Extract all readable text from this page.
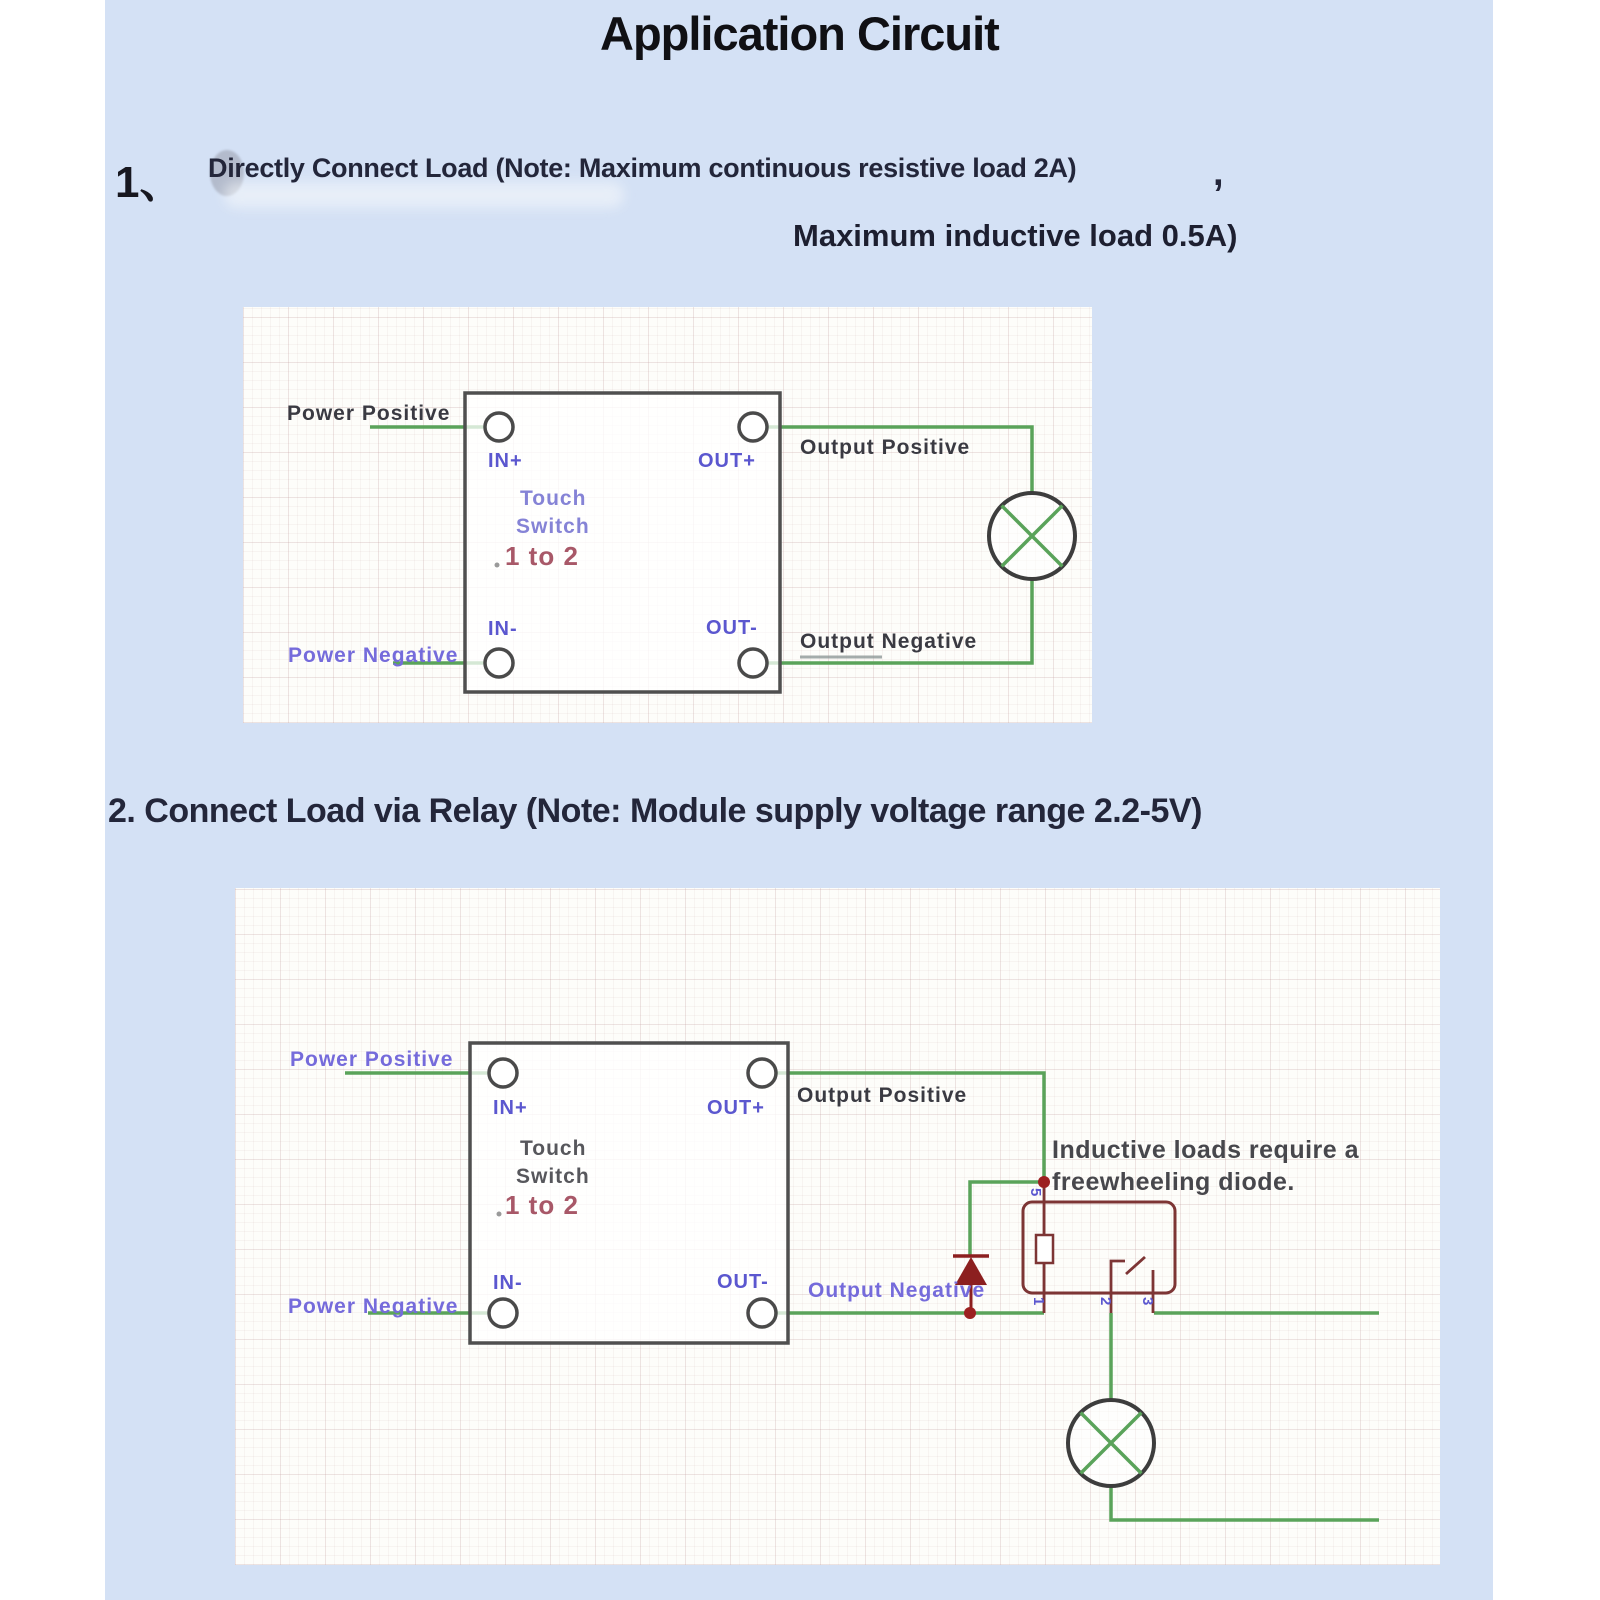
Application Circuit
1、 Directly Connect Load (Note: Maximum continuous resistive load 2A)	,
Maximum inductive load 0.5A)
2. Connect Load via Relay (Note: Module supply voltage range 2.2-5V)
5
1	2 3
Power Positive
Power Negative
Output Positive
Output Negative
IN+	OUT+
IN-	OUT-
Touch
Switch
1 to 2
Power Positive
Power Negative
Output Positive
Output Negative
IN+	OUT+
IN-	OUT-
Touch
Switch
1 to 2
Inductive loads require a
freewheeling diode.
